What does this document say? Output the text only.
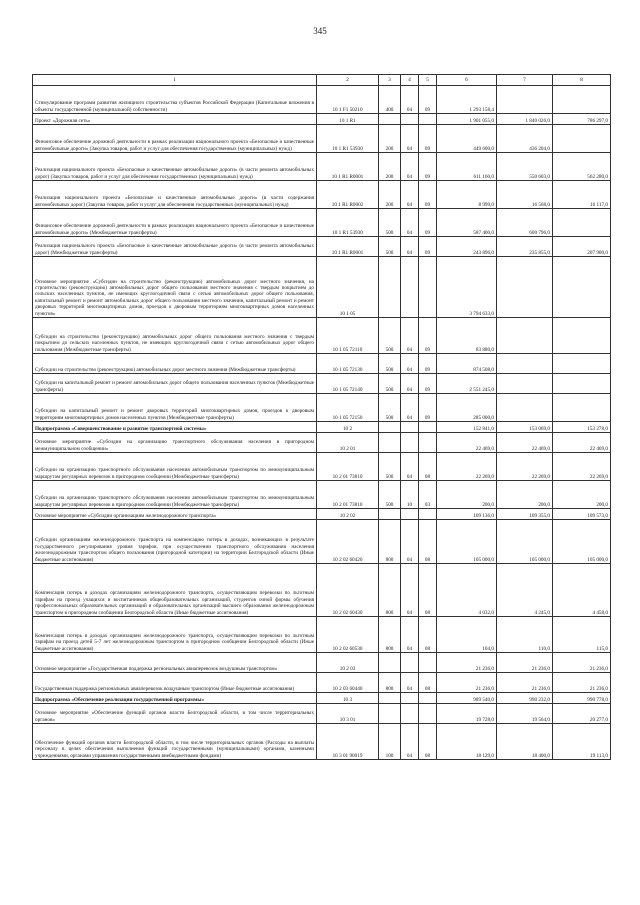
345
1	2	3	4	5	6	7	8
Стимулирование программ развития жилищного строительства субъектов Российской Федерации (Капитальные вложения в объекты государственной (муниципальной) собственности)	10 1 F1 50210	400	04	09	1 293 158,4		
Проект «Дорожная сеть»	10 1 R1				1 901 055,0	1 840 026,0	786 297,0
Финансовое обеспечение дорожной деятельности в рамках реализации национального проекта «Безопасные и качественные автомобильные дороги» (Закупка товаров, работ и услуг для обеспечения государственных (муниципальных) нужд)	10 1 R1 53930	200	04	09	449 600,0	436 204,0	
Реализация национального проекта «Безопасные и качественные автомобильные дороги» (в части ремонта автомобильных дорог) (Закупка товаров, работ и услуг для обеспечения государственных (муниципальных) нужд)	10 1 R1 R0001	200	04	09	611 160,0	550 603,0	562 280,0
Реализация национального проекта «Безопасные и качественные автомобильные дороги» (в части содержания автомобильных дорог) (Закупка товаров, работ и услуг для обеспечения государственных (муниципальных) нужд)	10 1 R1 R0002	200	04	09	8 999,0	16 568,0	16 117,0
Финансовое обеспечение дорожной деятельности в рамках реализации национального проекта «Безопасные и качественные автомобильные дороги» (Межбюджетные трансферты)	10 1 R1 53930	500	04	09	587 400,0	600 796,0	
Реализация национального проекта «Безопасные и качественные автомобильные дороги» (в части ремонта автомобильных дорог) (Межбюджетные трансферты)	10 1 R1 R0001	500	04	09	243 896,0	235 855,0	207 900,0
Основное мероприятие «Субсидии на строительство (реконструкцию) автомобильных дорог местного значения, на строительство (реконструкцию) автомобильных дорог общего пользования местного значения с твердым покрытием до сельских населенных пунктов, не имеющих круглогодичной связи с сетью автомобильных дорог общего пользования, капитальный ремонт и ремонт автомобильных дорог общего пользования местного значения, капитальный ремонт и ремонт дворовых территорий многоквартирных домов, проездов к дворовым территориям многоквартирных домов населенных пунктов»	10 1 05				3 794 633,0		
Субсидии на строительство (реконструкцию) автомобильных дорог общего пользования местного значения с твердым покрытием до сельских населенных пунктов, не имеющих круглогодичной связи с сетью автомобильных дорог общего пользования (Межбюджетные трансферты)	10 1 05 72110	500	04	09	83 880,0		
Субсидии на строительство (реконструкцию) автомобильных дорог местного значения (Межбюджетные трансферты)	10 1 05 72130	500	04	09	874 508,0		
Субсидии на капитальный ремонт и ремонт автомобильных дорог общего пользования населенных пунктов (Межбюджетные трансферты)	10 1 05 72140	500	04	09	2 551 245,0		
Субсидии на капитальный ремонт и ремонт дворовых территорий многоквартирных домов, проездов к дворовым территориям многоквартирных домов населенных пунктов (Межбюджетные трансферты)	10 1 05 72150	500	04	09	285 000,0		
Подпрограмма «Совершенствование и развитие транспортной системы»	10 2				152 841,0	153 069,0	153 278,0
Основное мероприятие «Субсидии на организацию транспортного обслуживания населения в пригородном межмуниципальном сообщении»	10 2 01				22 469,0	22 469,0	22 469,0
Субсидии на организацию транспортного обслуживания населения автомобильным транспортом по межмуниципальным маршрутам регулярных перевозок в пригородном сообщении (Межбюджетные трансферты)	10 2 01 73810	500	04	08	22 269,0	22 269,0	22 269,0
Субсидии на организацию транспортного обслуживания населения автомобильным транспортом по межмуниципальным маршрутам регулярных перевозок в пригородном сообщении (Межбюджетные трансферты)	10 2 01 73810	500	10	03	200,0	200,0	200,0
Основное мероприятие «Субсидии организациям железнодорожного транспорта»	10 2 02				109 136,0	109 355,0	109 573,0
Субсидии организациям железнодорожного транспорта на компенсацию потерь в доходах, возникающих в результате государственного регулирования уровня тарифов, при осуществлении транспортного обслуживания населения железнодорожным транспортом общего пользования (пригородной категории) на территории Белгородской области (Иные бюджетные ассигнования)	10 2 02 60420	800	04	08	105 000,0	105 000,0	105 000,0
Компенсация потерь в доходах организациям железнодорожного транспорта, осуществляющим перевозки по льготным тарифам на проезд учащихся и воспитанников общеобразовательных организаций, студентов очной формы обучения профессиональных образовательных организаций и образовательных организаций высшего образования железнодорожным транспортом в пригородном сообщении Белгородской области (Иные бюджетные ассигнования)	10 2 02 60430	800	04	08	4 032,0	4 245,0	4 458,0
Компенсация потерь в доходах организациям железнодорожного транспорта, осуществляющим перевозки по льготным тарифам на проезд детей 5-7 лет железнодорожным транспортом в пригородном сообщении Белгородской области (Иные бюджетные ассигнования)	10 2 02 60530	800	04	08	104,0	110,0	115,0
Основное мероприятие «Государственная поддержка региональных авиаперевозок воздушным транспортом»	10 2 03				21 236,0	21 236,0	21 236,0
Государственная поддержка региональных авиаперевозок воздушным транспортом (Иные бюджетные ассигнования)	10 2 03 60440	800	04	08	21 236,0	21 236,0	21 236,0
Подпрограмма «Обеспечение реализации государственной программы»	10 3				989 540,0	990 232,0	990 778,0
Основное мероприятие «Обеспечение функций органов власти Белгородской области, в том числе территориальных органов»	10 3 01				19 728,0	19 564,0	20 277,0
Обеспечение функций органов власти Белгородской области, в том числе территориальных органов (Расходы на выплаты персоналу в целях обеспечения выполнения функций государственными (муниципальными) органами, казенными учреждениями, органами управления государственными внебюджетными фондами)	10 3 01 90019	100	04	08	18 129,0	18 400,0	19 113,0
